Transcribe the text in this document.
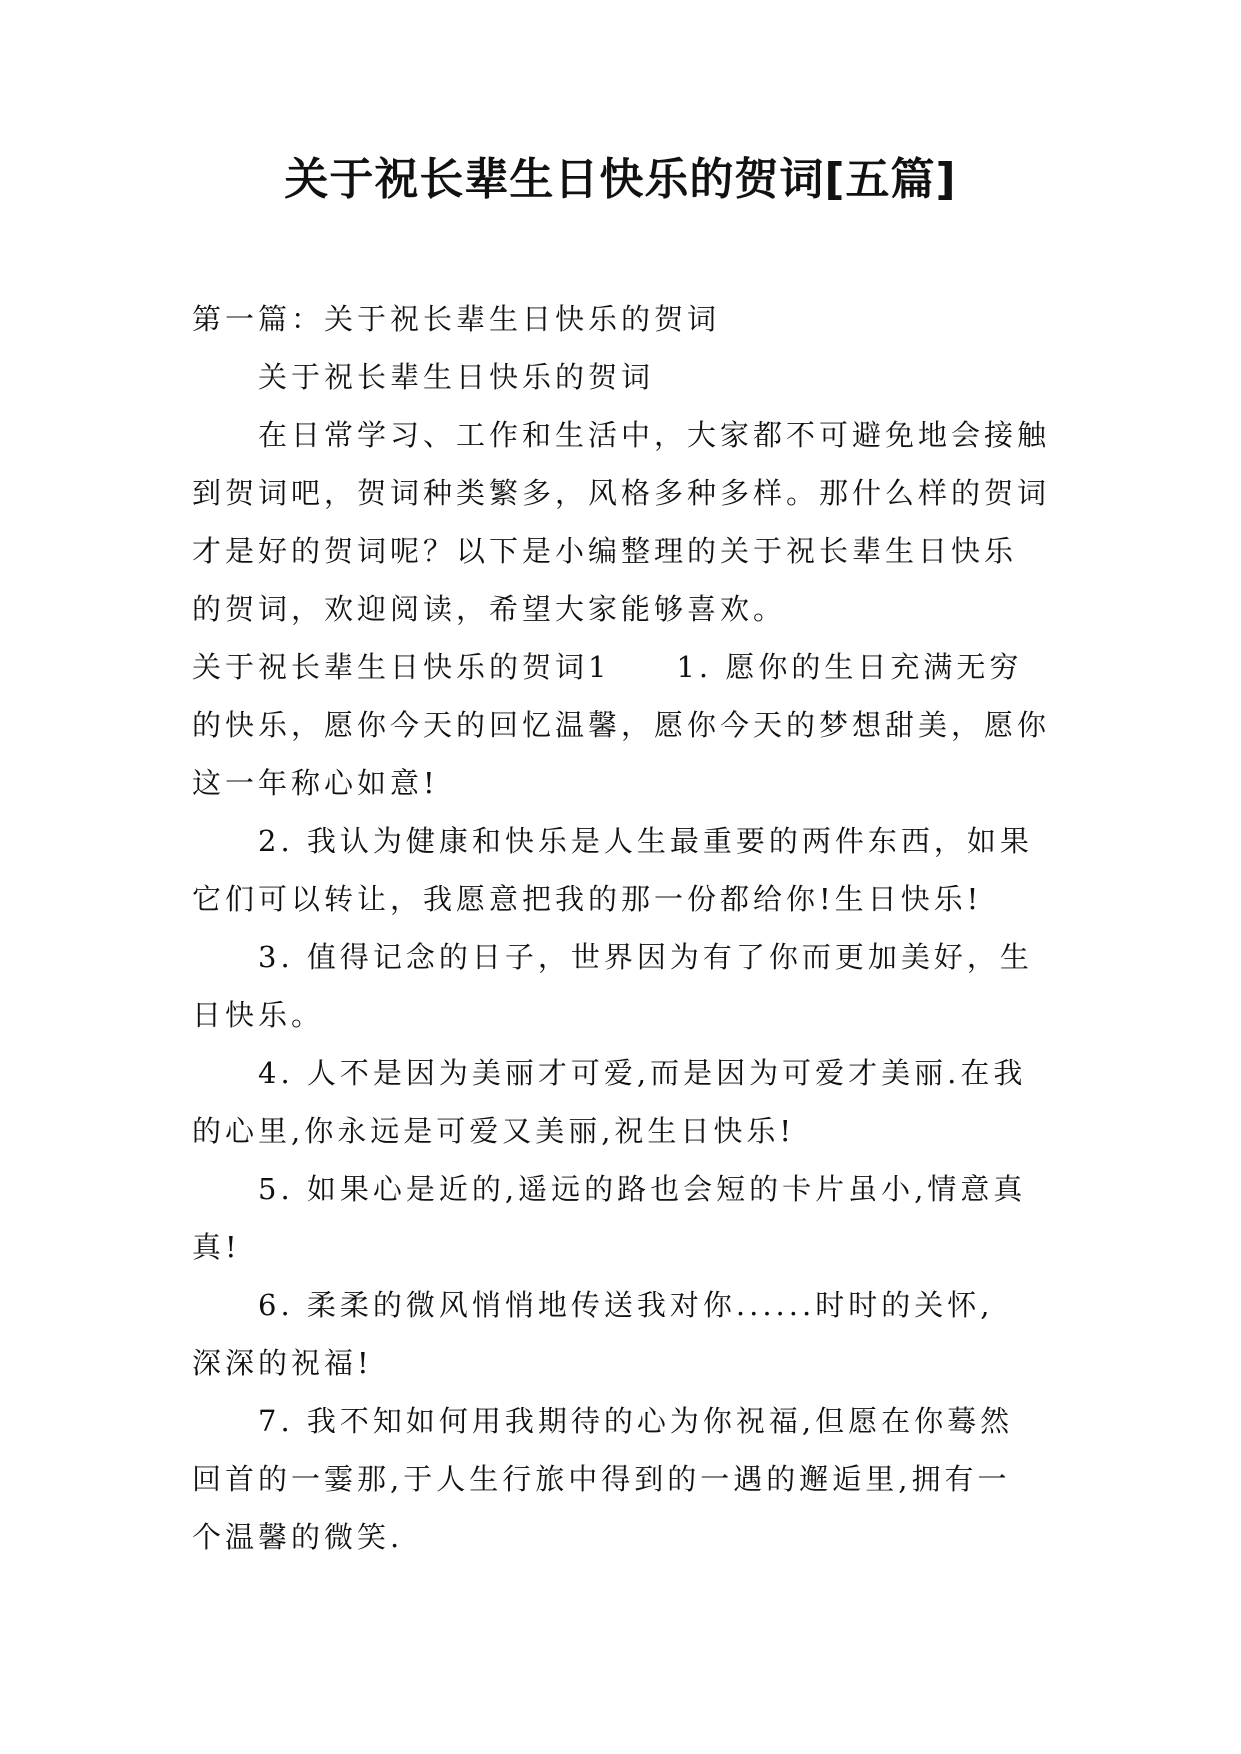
关于祝长辈生日快乐的贺词[五篇]

第一篇：关于祝长辈生日快乐的贺词

关于祝长辈生日快乐的贺词

在日常学习、工作和生活中，大家都不可避免地会接触

到贺词吧，贺词种类繁多，风格多种多样。那什么样的贺词

才是好的贺词呢？以下是小编整理的关于祝长辈生日快乐

的贺词，欢迎阅读，希望大家能够喜欢。

关于祝长辈生日快乐的贺词1　　1. 愿你的生日充满无穷

的快乐，愿你今天的回忆温馨，愿你今天的梦想甜美，愿你

这一年称心如意!

2. 我认为健康和快乐是人生最重要的两件东西，如果

它们可以转让，我愿意把我的那一份都给你!生日快乐!

3. 值得记念的日子，世界因为有了你而更加美好，生

日快乐。

4. 人不是因为美丽才可爱,而是因为可爱才美丽.在我

的心里,你永远是可爱又美丽,祝生日快乐!

5. 如果心是近的,遥远的路也会短的卡片虽小,情意真

真!

6. 柔柔的微风悄悄地传送我对你......时时的关怀,

深深的祝福!

7. 我不知如何用我期待的心为你祝福,但愿在你蓦然

回首的一霎那,于人生行旅中得到的一遇的邂逅里,拥有一

个温馨的微笑.
